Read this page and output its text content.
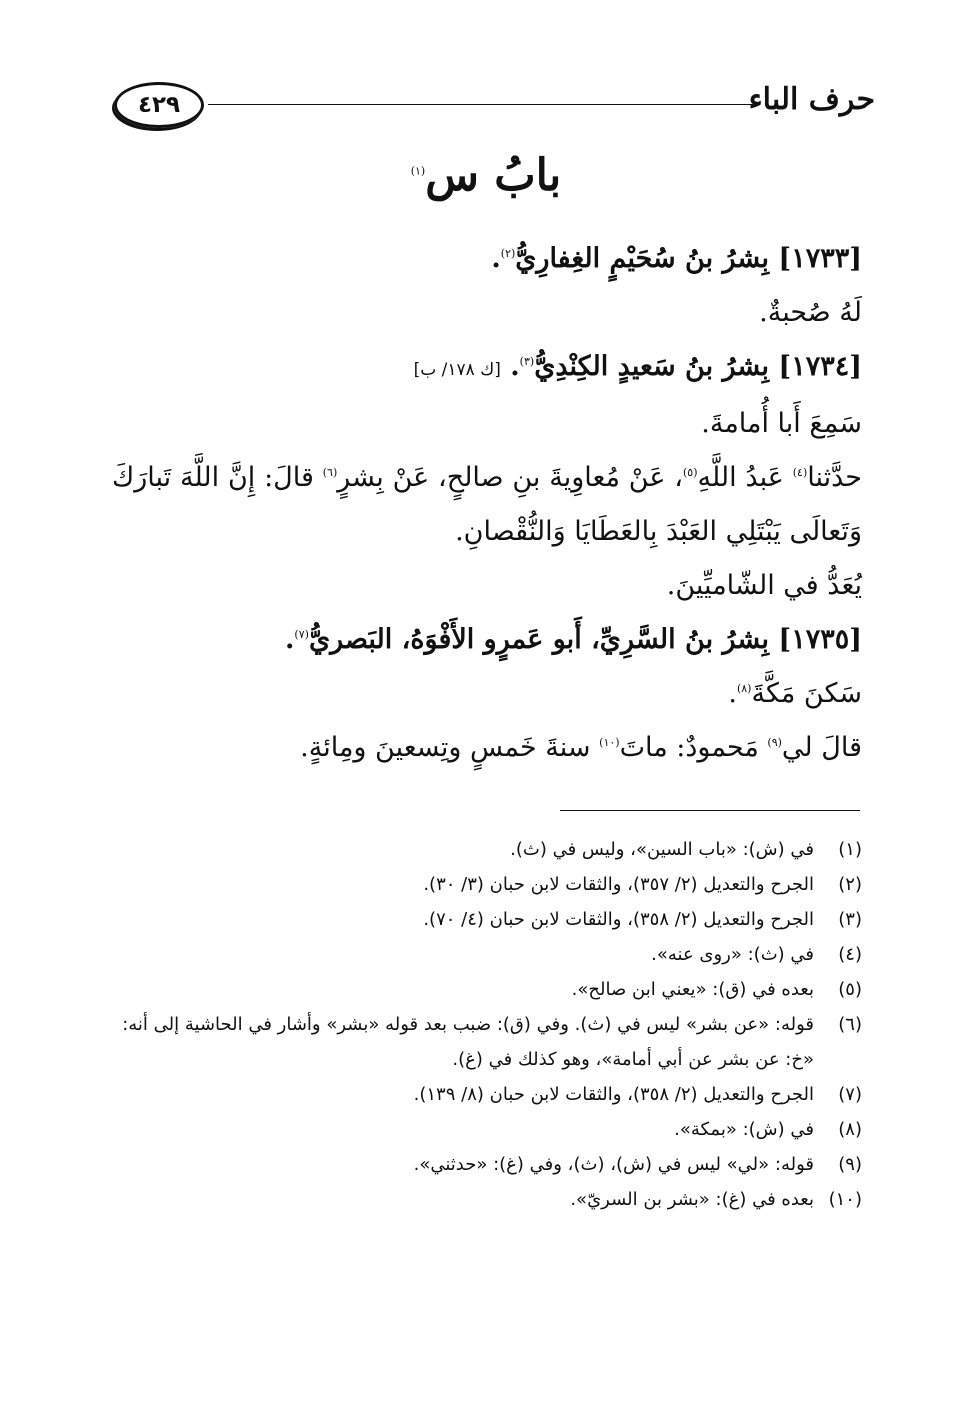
حرف الباء
٤٢٩
بابُ س$^{(١)}$

[١٧٣٣] بِشرُ بنُ سُحَيْمٍ الغِفارِيُّ$^{(٢)}$.

لَهُ صُحبةٌ.

[١٧٣٤] بِشرُ بنُ سَعيدٍ الكِنْدِيُّ$^{(٣)}$. [ك ١٧٨/ ب]

سَمِعَ أَبا أُمامةَ.

حدَّثنا$^{(٤)}$ عَبدُ اللَّهِ$^{(٥)}$، عَنْ مُعاوِيةَ بنِ صالحٍ، عَنْ بِشرٍ$^{(٦)}$ قالَ: إِنَّ اللَّهَ تَبارَكَ

وَتَعالَى يَبْتَلِي العَبْدَ بِالعَطَايَا وَالنُّقْصانِ.

يُعَدُّ في الشّاميِّينَ.

[١٧٣٥] بِشرُ بنُ السَّرِيِّ، أَبو عَمرٍو الأَفْوَهُ، البَصريُّ$^{(٧)}$.

سَكنَ مَكَّةَ$^{(٨)}$.

قالَ لي$^{(٩)}$ مَحمودٌ: ماتَ$^{(١٠)}$ سنةَ خَمسٍ وتِسعينَ ومِائةٍ.

(١)
في (ش): «باب السين»، وليس في (ث).

(٢)
الجرح والتعديل (٢/ ٣٥٧)، والثقات لابن حبان (٣/ ٣٠).

(٣)
الجرح والتعديل (٢/ ٣٥٨)، والثقات لابن حبان (٤/ ٧٠).

(٤)
في (ث): «روى عنه».

(٥)
بعده في (ق): «يعني ابن صالح».

(٦)
قوله: «عن بشر» ليس في (ث). وفي (ق): ضبب بعد قوله «بشر» وأشار في الحاشية إلى أنه: «خ: عن بشر عن أبي أمامة»، وهو كذلك في (غ).

(٧)
الجرح والتعديل (٢/ ٣٥٨)، والثقات لابن حبان (٨/ ١٣٩).

(٨)
في (ش): «بمكة».

(٩)
قوله: «لي» ليس في (ش)، (ث)، وفي (غ): «حدثني».

(١٠)
بعده في (غ): «بشر بن السريّ».
